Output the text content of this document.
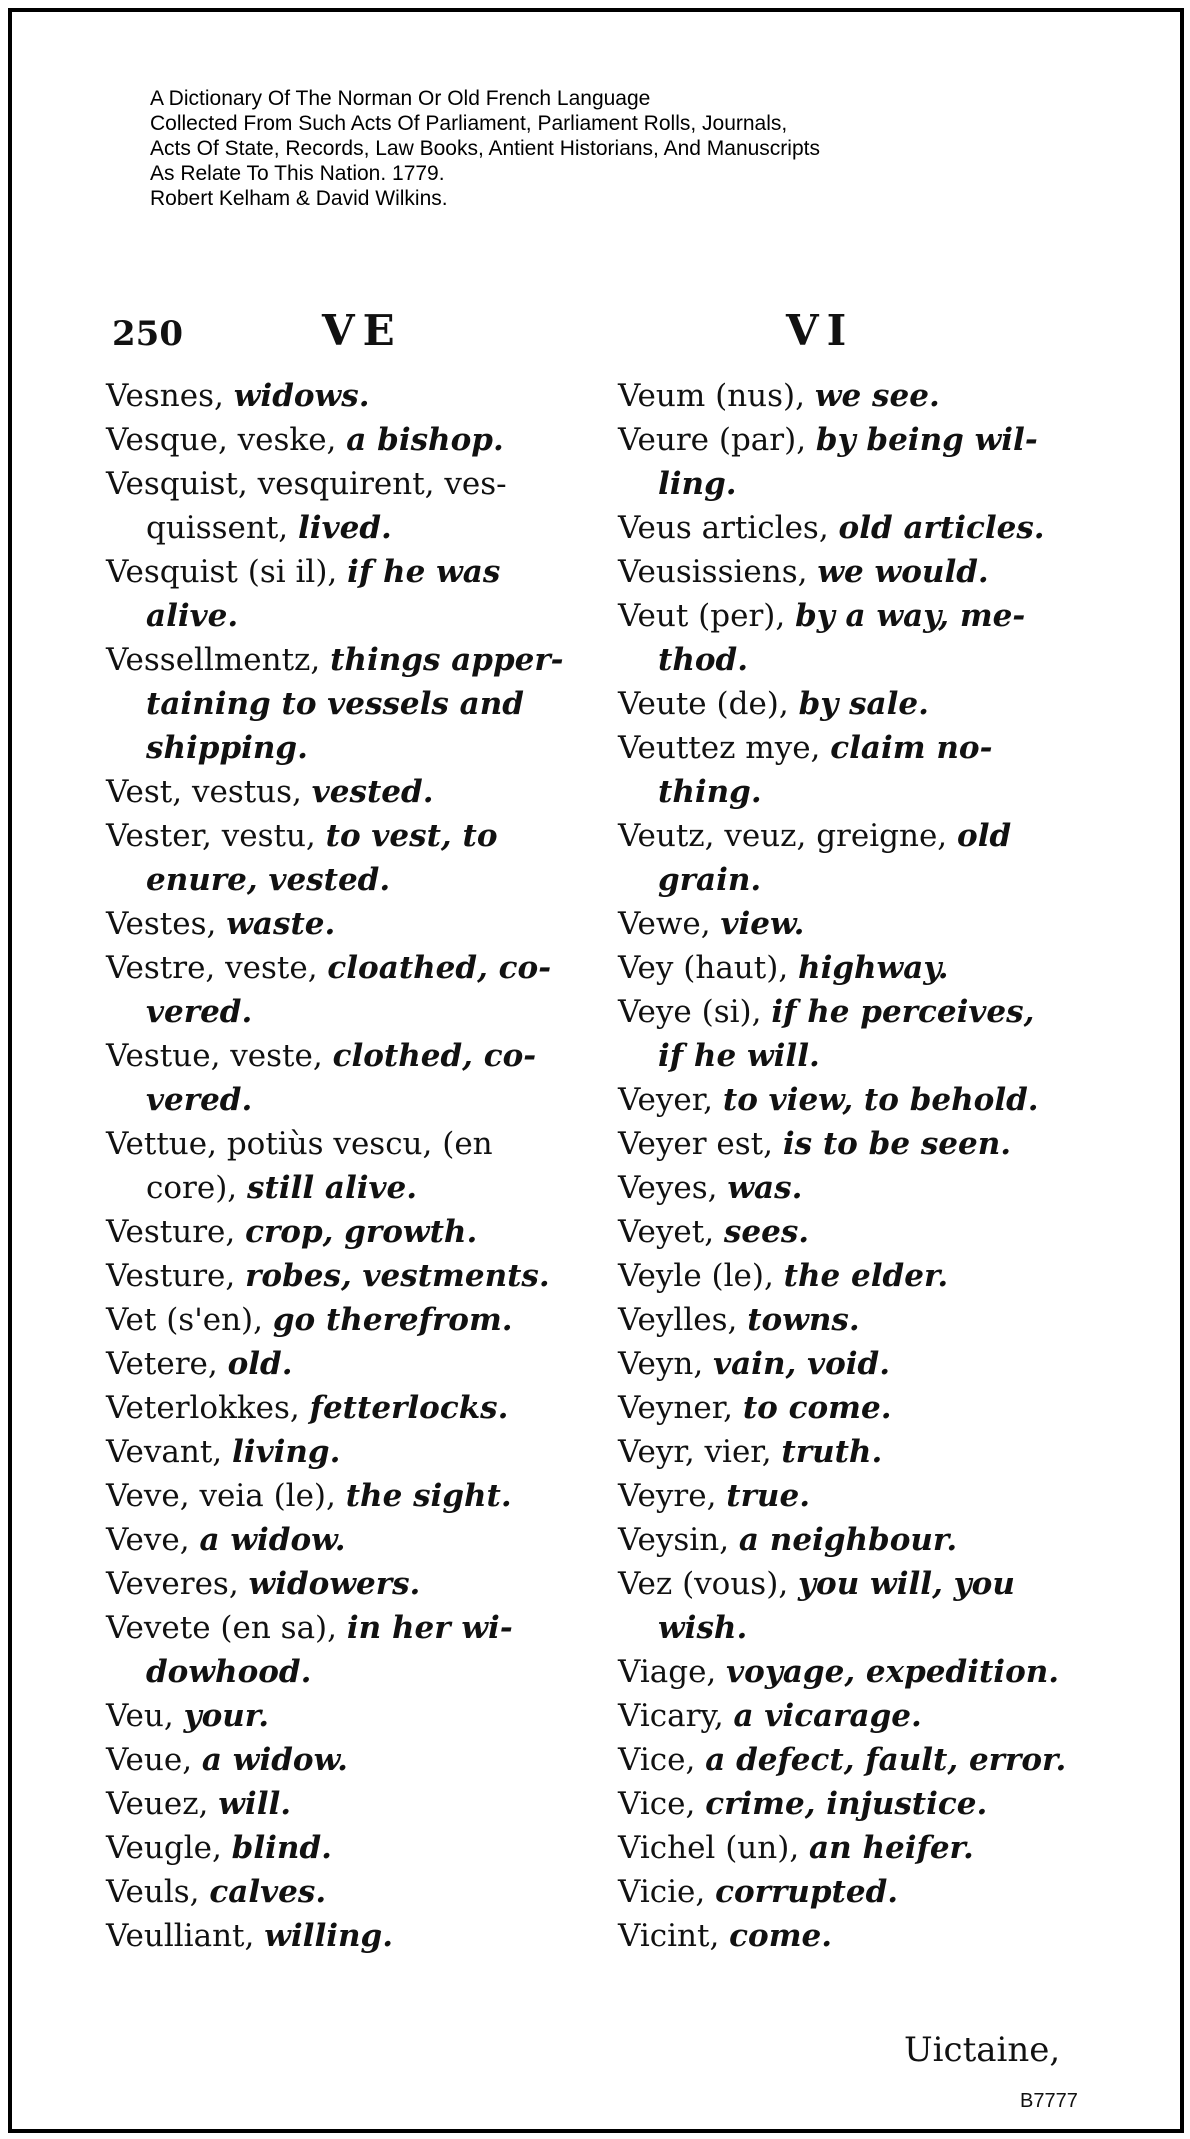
A Dictionary Of The Norman Or Old French Language
Collected From Such Acts Of Parliament, Parliament Rolls, Journals,
Acts Of State, Records, Law Books, Antient Historians, And Manuscripts
As Relate To This Nation. 1779.
Robert Kelham & David Wilkins.
250	VE	VI
Vesnes, widows.
Vesque, veske, a bishop.
Vesquist, vesquirent, ves-
quissent, lived.
Vesquist (si il), if he was
alive.
Vessellmentz, things apper-
taining to vessels and
shipping.
Vest, vestus, vested.
Vester, vestu, to vest, to
enure, vested.
Vestes, waste.
Vestre, veste, cloathed, co-
vered.
Vestue, veste, clothed, co-
vered.
Vettue, potiùs vescu, (en
core), still alive.
Vesture, crop, growth.
Vesture, robes, vestments.
Vet (s'en), go therefrom.
Vetere, old.
Veterlokkes, fetterlocks.
Vevant, living.
Veve, veia (le), the sight.
Veve, a widow.
Veveres, widowers.
Vevete (en sa), in her wi-
dowhood.
Veu, your.
Veue, a widow.
Veuez, will.
Veugle, blind.
Veuls, calves.
Veulliant, willing.
Veum (nus), we see.
Veure (par), by being wil-
ling.
Veus articles, old articles.
Veusissiens, we would.
Veut (per), by a way, me-
thod.
Veute (de), by sale.
Veuttez mye, claim no-
thing.
Veutz, veuz, greigne, old
grain.
Vewe, view.
Vey (haut), highway.
Veye (si), if he perceives,
if he will.
Veyer, to view, to behold.
Veyer est, is to be seen.
Veyes, was.
Veyet, sees.
Veyle (le), the elder.
Veylles, towns.
Veyn, vain, void.
Veyner, to come.
Veyr, vier, truth.
Veyre, true.
Veysin, a neighbour.
Vez (vous), you will, you
wish.
Viage, voyage, expedition.
Vicary, a vicarage.
Vice, a defect, fault, error.
Vice, crime, injustice.
Vichel (un), an heifer.
Vicie, corrupted.
Vicint, come.
Uictaine,
B7777
